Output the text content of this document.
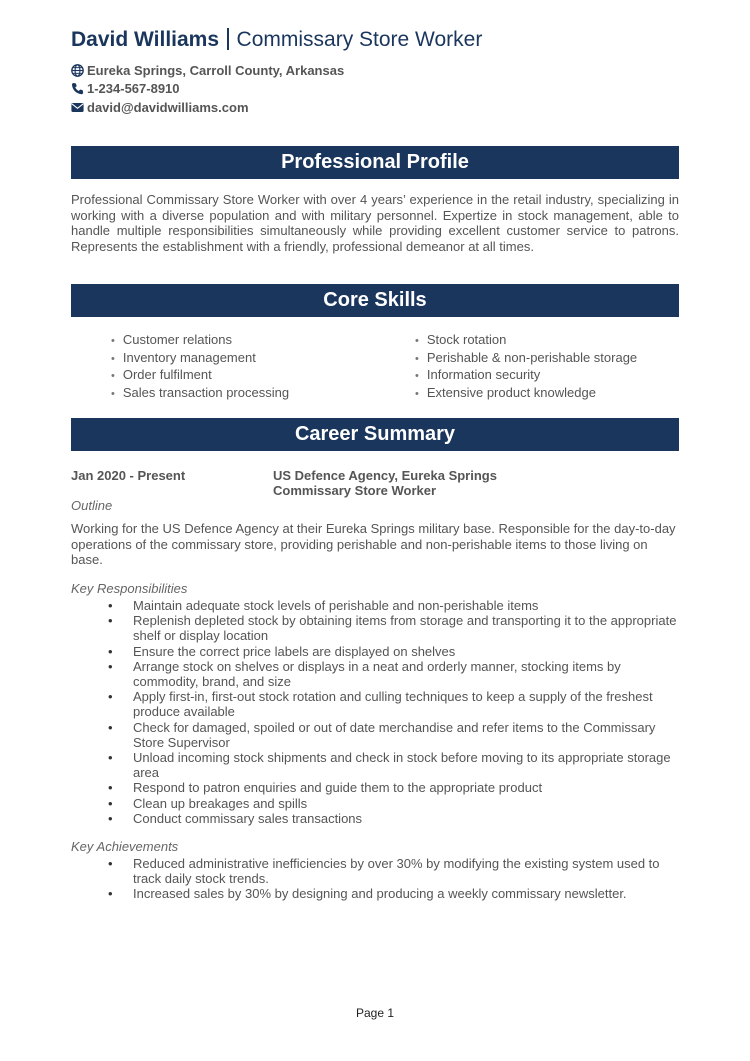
David Williams Commissary Store Worker
Eureka Springs, Carroll County, Arkansas
1-234-567-8910
david@davidwilliams.com
Professional Profile
Professional Commissary Store Worker with over 4 years’ experience in the retail industry, specializing in working with a diverse population and with military personnel. Expertize in stock management, able to handle multiple responsibilities simultaneously while providing excellent customer service to patrons. Represents the establishment with a friendly, professional demeanor at all times.
Core Skills
• Customer relations
• Inventory management
• Order fulfilment
• Sales transaction processing
• Stock rotation
• Perishable & non-perishable storage
• Information security
• Extensive product knowledge
Career Summary
Jan 2020 - Present	US Defence Agency, Eureka Springs
Commissary Store Worker
Outline
Working for the US Defence Agency at their Eureka Springs military base. Responsible for the day-to-day operations of the commissary store, providing perishable and non-perishable items to those living on base.
Key Responsibilities
• Maintain adequate stock levels of perishable and non-perishable items
• Replenish depleted stock by obtaining items from storage and transporting it to the appropriate shelf or display location
• Ensure the correct price labels are displayed on shelves
• Arrange stock on shelves or displays in a neat and orderly manner, stocking items by commodity, brand, and size
• Apply first-in, first-out stock rotation and culling techniques to keep a supply of the freshest produce available
• Check for damaged, spoiled or out of date merchandise and refer items to the Commissary Store Supervisor
• Unload incoming stock shipments and check in stock before moving to its appropriate storage area
• Respond to patron enquiries and guide them to the appropriate product
• Clean up breakages and spills
• Conduct commissary sales transactions
Key Achievements
• Reduced administrative inefficiencies by over 30% by modifying the existing system used to track daily stock trends.
• Increased sales by 30% by designing and producing a weekly commissary newsletter.
Page 1
